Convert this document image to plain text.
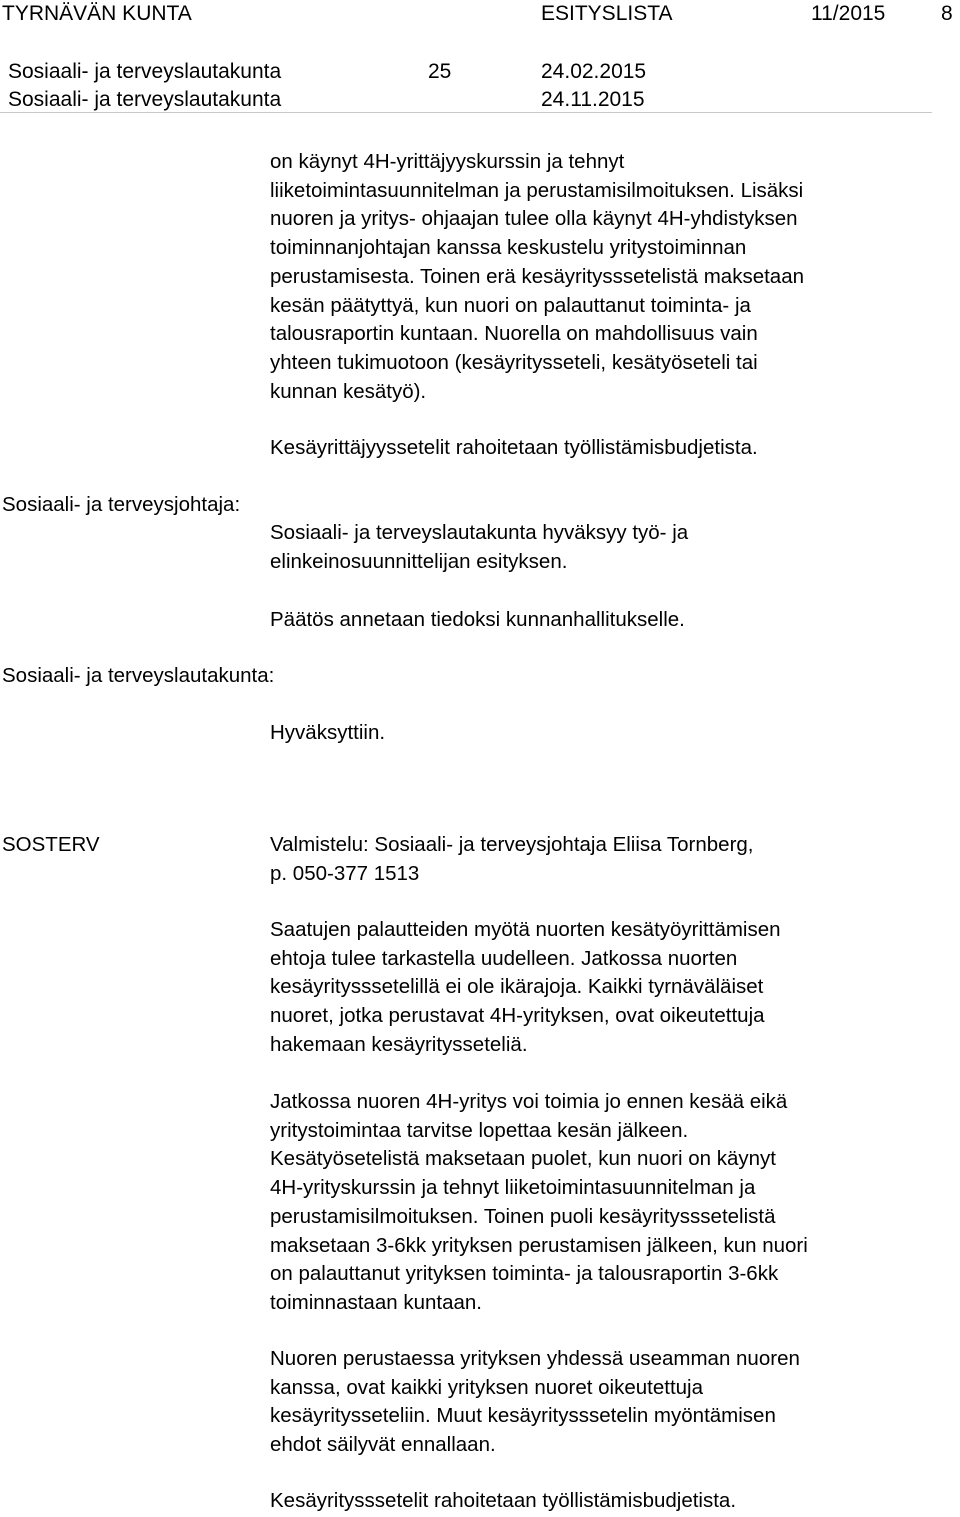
TYRNÄVÄN KUNTA	ESITYSLISTA	11/2015	8
Sosiaali- ja terveyslautakunta	25	24.02.2015
Sosiaali- ja terveyslautakunta	24.11.2015
on käynyt 4H-yrittäjyyskurssin ja tehnyt
liiketoimintasuunnitelman ja perustamisilmoituksen. Lisäksi
nuoren ja yritys- ohjaajan tulee olla käynyt 4H-yhdistyksen
toiminnanjohtajan kanssa keskustelu yritystoiminnan
perustamisesta. Toinen erä kesäyritysssetelistä maksetaan
kesän päätyttyä, kun nuori on palauttanut toiminta- ja
talousraportin kuntaan. Nuorella on mahdollisuus vain
yhteen tukimuotoon (kesäyritysseteli, kesätyöseteli tai
kunnan kesätyö).
Kesäyrittäjyyssetelit rahoitetaan työllistämisbudjetista.
Sosiaali- ja terveysjohtaja:
Sosiaali- ja terveyslautakunta hyväksyy työ- ja
elinkeinosuunnittelijan esityksen.
Päätös annetaan tiedoksi kunnanhallitukselle.
Sosiaali- ja terveyslautakunta:
Hyväksyttiin.
SOSTERV	Valmistelu: Sosiaali- ja terveysjohtaja Eliisa Tornberg,
p. 050-377 1513
Saatujen palautteiden myötä nuorten kesätyöyrittämisen
ehtoja tulee tarkastella uudelleen. Jatkossa nuorten
kesäyritysssetelillä ei ole ikärajoja. Kaikki tyrnäväläiset
nuoret, jotka perustavat 4H-yrityksen, ovat oikeutettuja
hakemaan kesäyritysseteliä.
Jatkossa nuoren 4H-yritys voi toimia jo ennen kesää eikä
yritystoimintaa tarvitse lopettaa kesän jälkeen.
Kesätyösetelistä maksetaan puolet, kun nuori on käynyt
4H-yrityskurssin ja tehnyt liiketoimintasuunnitelman ja
perustamisilmoituksen. Toinen puoli kesäyritysssetelistä
maksetaan 3-6kk yrityksen perustamisen jälkeen, kun nuori
on palauttanut yrityksen toiminta- ja talousraportin 3-6kk
toiminnastaan kuntaan.
Nuoren perustaessa yrityksen yhdessä useamman nuoren
kanssa, ovat kaikki yrityksen nuoret oikeutettuja
kesäyritysseteliin. Muut kesäyritysssetelin myöntämisen
ehdot säilyvät ennallaan.
Kesäyritysssetelit rahoitetaan työllistämisbudjetista.
